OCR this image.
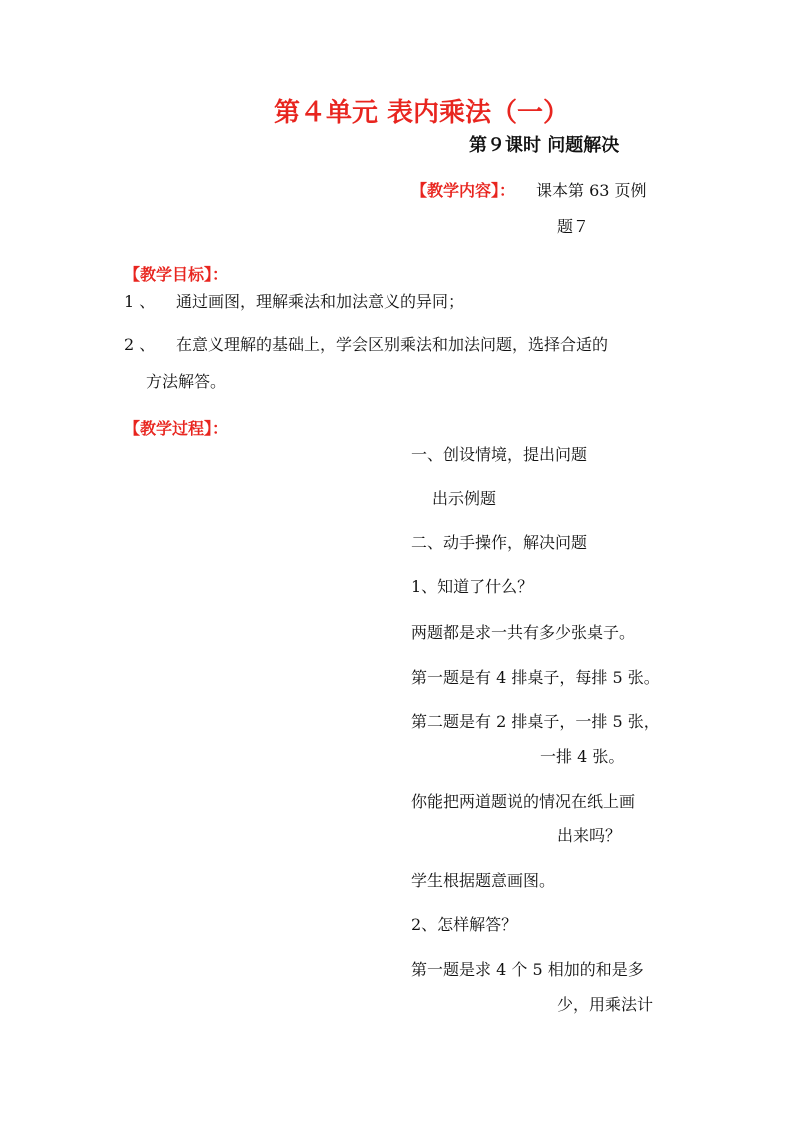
第４单元 表内乘法（一）
第９课时 问题解决
【教学内容】： 课本第 63 页例
题７
【教学目标】：
1 、 通过画图，理解乘法和加法意义的异同；
2 、 在意义理解的基础上，学会区别乘法和加法问题，选择合适的
方法解答。
【教学过程】：
一、创设情境，提出问题
出示例题
二、动手操作，解决问题
1、知道了什么？
两题都是求一共有多少张桌子。
第一题是有 4 排桌子，每排 5 张。
第二题是有 2 排桌子，一排 5 张，
一排 4 张。
你能把两道题说的情况在纸上画
出来吗？
学生根据题意画图。
2、怎样解答？
第一题是求 4 个 5 相加的和是多
少，用乘法计
